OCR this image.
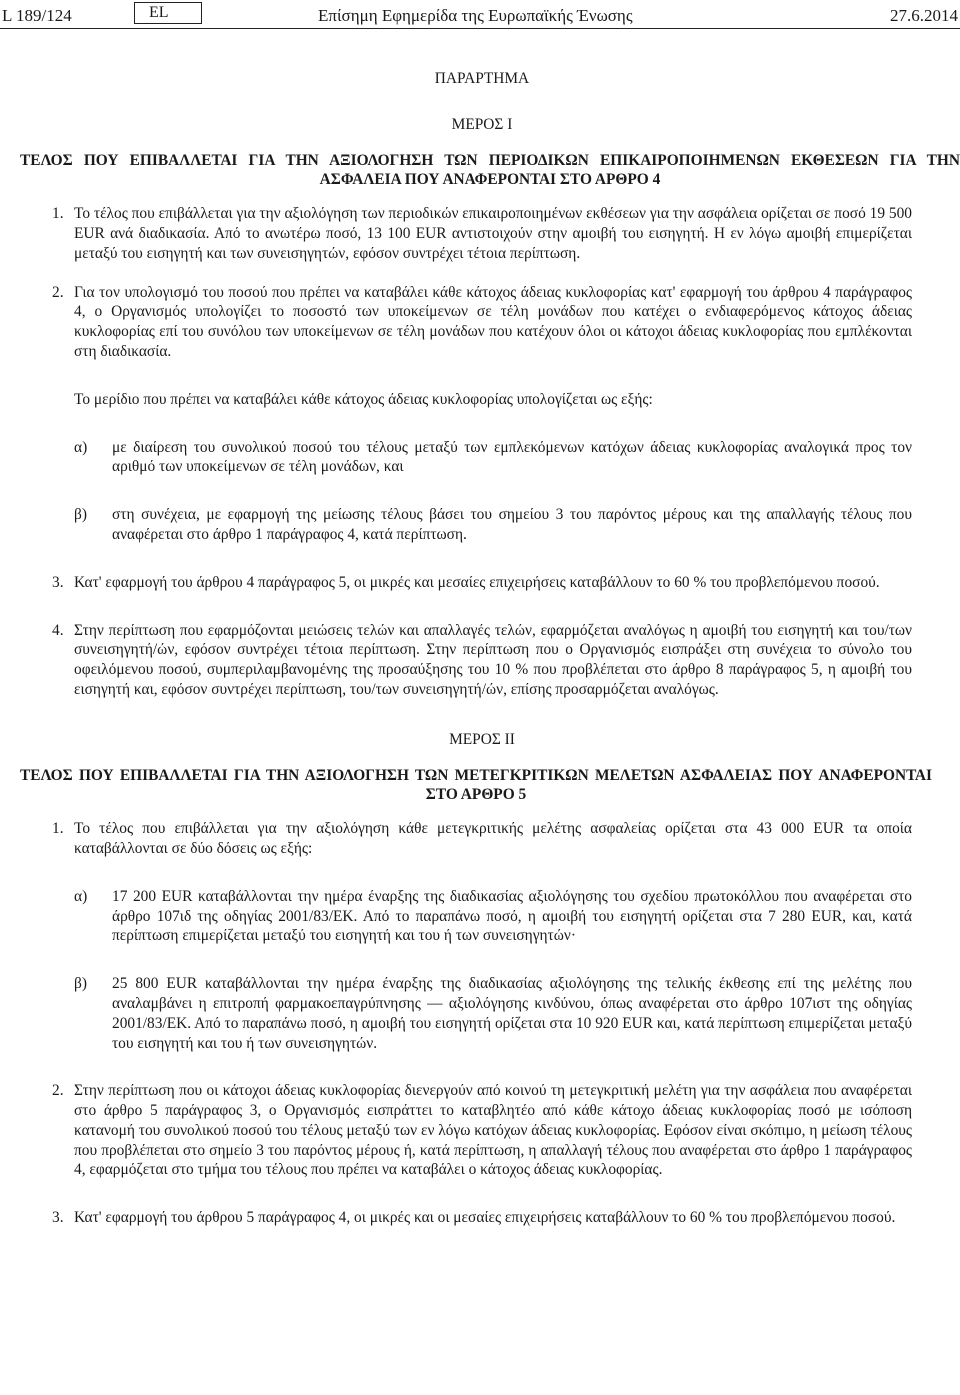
L 189/124	EL	Επίσημη Εφημερίδα της Ευρωπαϊκής Ένωσης	27.6.2014
ΠΑΡΑΡΤΗΜΑ
ΜΕΡΟΣ I
ΤΕΛΟΣ ΠΟΥ ΕΠΙΒΑΛΛΕΤΑΙ ΓΙΑ ΤΗΝ ΑΞΙΟΛΟΓΗΣΗ ΤΩΝ ΠΕΡΙΟΔΙΚΩΝ ΕΠΙΚΑΙΡΟΠΟΙΗΜΕΝΩΝ ΕΚΘΕΣΕΩΝ ΓΙΑ ΤΗΝ ΑΣΦΑΛΕΙΑ ΠΟΥ ΑΝΑΦΕΡΟΝΤΑΙ ΣΤΟ ΑΡΘΡΟ 4

1. Το τέλος που επιβάλλεται για την αξιολόγηση των περιοδικών επικαιροποιημένων εκθέσεων για την ασφάλεια ορίζεται σε ποσό 19 500 EUR ανά διαδικασία. Από το ανωτέρω ποσό, 13 100 EUR αντιστοιχούν στην αμοιβή του εισηγητή. Η εν λόγω αμοιβή επιμερίζεται μεταξύ του εισηγητή και των συνεισηγητών, εφόσον συντρέχει τέτοια περίπτωση.

2. Για τον υπολογισμό του ποσού που πρέπει να καταβάλει κάθε κάτοχος άδειας κυκλοφορίας κατ' εφαρμογή του άρθρου 4 παράγραφος 4, ο Οργανισμός υπολογίζει το ποσοστό των υποκείμενων σε τέλη μονάδων που κατέχει ο ενδιαφερόμενος κάτοχος άδειας κυκλοφορίας επί του συνόλου των υποκείμενων σε τέλη μονάδων που κατέχουν όλοι οι κάτοχοι άδειας κυκλοφορίας που εμπλέκονται στη διαδικασία.

Το μερίδιο που πρέπει να καταβάλει κάθε κάτοχος άδειας κυκλοφορίας υπολογίζεται ως εξής:

α) με διαίρεση του συνολικού ποσού του τέλους μεταξύ των εμπλεκόμενων κατόχων άδειας κυκλοφορίας αναλογικά προς τον αριθμό των υποκείμενων σε τέλη μονάδων, και

β) στη συνέχεια, με εφαρμογή της μείωσης τέλους βάσει του σημείου 3 του παρόντος μέρους και της απαλλαγής τέλους που αναφέρεται στο άρθρο 1 παράγραφος 4, κατά περίπτωση.

3. Κατ' εφαρμογή του άρθρου 4 παράγραφος 5, οι μικρές και μεσαίες επιχειρήσεις καταβάλλουν το 60 % του προβλεπόμενου ποσού.

4. Στην περίπτωση που εφαρμόζονται μειώσεις τελών και απαλλαγές τελών, εφαρμόζεται αναλόγως η αμοιβή του εισηγητή και του/των συνεισηγητή/ών, εφόσον συντρέχει τέτοια περίπτωση. Στην περίπτωση που ο Οργανισμός εισπράξει στη συνέχεια το σύνολο του οφειλόμενου ποσού, συμπεριλαμβανομένης της προσαύξησης του 10 % που προβλέπεται στο άρθρο 8 παράγραφος 5, η αμοιβή του εισηγητή και, εφόσον συντρέχει περίπτωση, του/των συνεισηγητή/ών, επίσης προσαρμόζεται αναλόγως.

ΜΕΡΟΣ II
ΤΕΛΟΣ ΠΟΥ ΕΠΙΒΑΛΛΕΤΑΙ ΓΙΑ ΤΗΝ ΑΞΙΟΛΟΓΗΣΗ ΤΩΝ ΜΕΤΕΓΚΡΙΤΙΚΩΝ ΜΕΛΕΤΩΝ ΑΣΦΑΛΕΙΑΣ ΠΟΥ ΑΝΑΦΕΡΟΝΤΑΙ ΣΤΟ ΑΡΘΡΟ 5

1. Το τέλος που επιβάλλεται για την αξιολόγηση κάθε μετεγκριτικής μελέτης ασφαλείας ορίζεται στα 43 000 EUR τα οποία καταβάλλονται σε δύο δόσεις ως εξής:

α) 17 200 EUR καταβάλλονται την ημέρα έναρξης της διαδικασίας αξιολόγησης του σχεδίου πρωτοκόλλου που αναφέρεται στο άρθρο 107ιδ της οδηγίας 2001/83/ΕΚ. Από το παραπάνω ποσό, η αμοιβή του εισηγητή ορίζεται στα 7 280 EUR, και, κατά περίπτωση επιμερίζεται μεταξύ του εισηγητή και του ή των συνεισηγητών·

β) 25 800 EUR καταβάλλονται την ημέρα έναρξης της διαδικασίας αξιολόγησης της τελικής έκθεσης επί της μελέτης που αναλαμβάνει η επιτροπή φαρμακοεπαγρύπνησης — αξιολόγησης κινδύνου, όπως αναφέρεται στο άρθρο 107ιστ της οδηγίας 2001/83/ΕΚ. Από το παραπάνω ποσό, η αμοιβή του εισηγητή ορίζεται στα 10 920 EUR και, κατά περίπτωση επιμερίζεται μεταξύ του εισηγητή και του ή των συνεισηγητών.

2. Στην περίπτωση που οι κάτοχοι άδειας κυκλοφορίας διενεργούν από κοινού τη μετεγκριτική μελέτη για την ασφάλεια που αναφέρεται στο άρθρο 5 παράγραφος 3, ο Οργανισμός εισπράττει το καταβλητέο από κάθε κάτοχο άδειας κυκλοφορίας ποσό με ισόποση κατανομή του συνολικού ποσού του τέλους μεταξύ των εν λόγω κατόχων άδειας κυκλοφορίας. Εφόσον είναι σκόπιμο, η μείωση τέλους που προβλέπεται στο σημείο 3 του παρόντος μέρους ή, κατά περίπτωση, η απαλλαγή τέλους που αναφέρεται στο άρθρο 1 παράγραφος 4, εφαρμόζεται στο τμήμα του τέλους που πρέπει να καταβάλει ο κάτοχος άδειας κυκλοφορίας.

3. Κατ' εφαρμογή του άρθρου 5 παράγραφος 4, οι μικρές και οι μεσαίες επιχειρήσεις καταβάλλουν το 60 % του προβλεπόμενου ποσού.
